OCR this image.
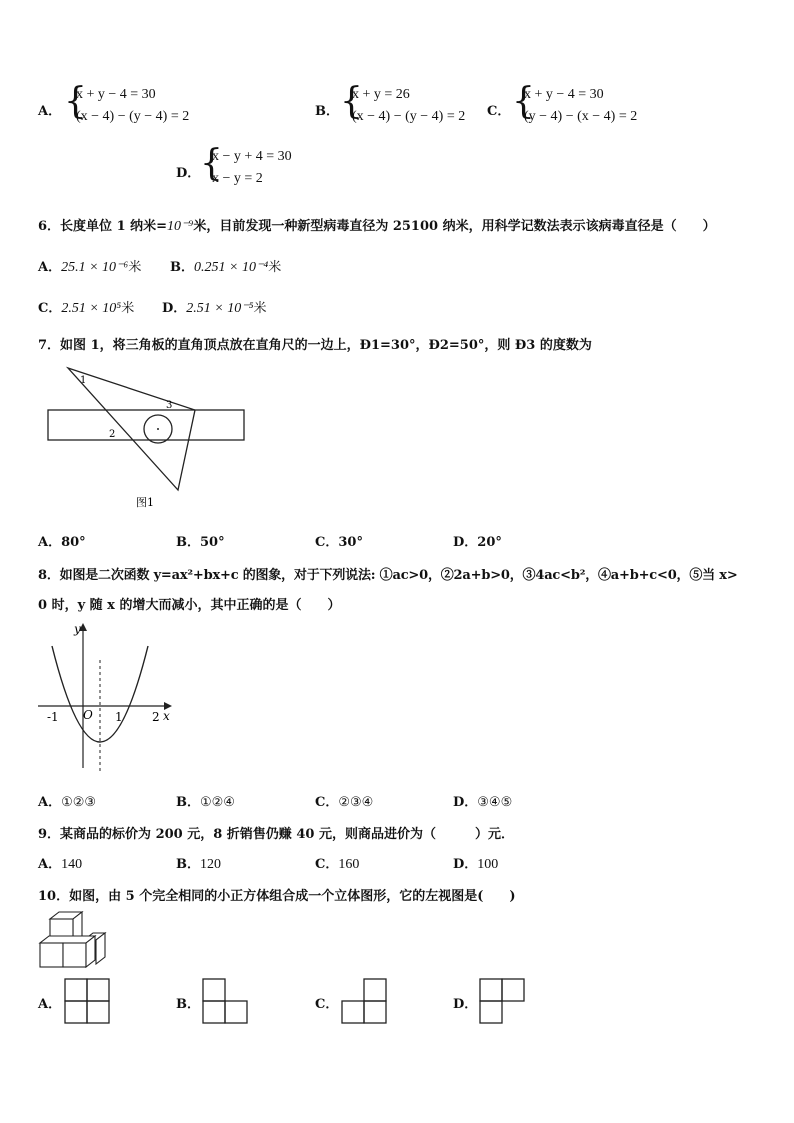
A． {
x + y − 4 = 30
(x − 4) − (y − 4) = 2	B． {
x + y = 26
(x − 4) − (y − 4) = 2 C． {
x + y − 4 = 30
(y − 4) − (x − 4) = 2
D． {
x − y + 4 = 30
x − y = 2
6．长度单位 1 纳米=10⁻⁹米，目前发现一种新型病毒直径为 25100 纳米，用科学记数法表示该病毒直径是（　　）
A．25.1 × 10⁻⁶米 B．0.251 × 10⁻⁴米
C．2.51 × 10⁵米 D．2.51 × 10⁻⁵米
7．如图 1，将三角板的直角顶点放在直角尺的一边上，Ð1=30°，Ð2=50°，则 Ð3 的度数为
1
2
3
图1
A．80°	B．50°	C．30°	D．20°
8．如图是二次函数 y=ax²+bx+c 的图象，对于下列说法: ①ac>0，②2a+b>0，③4ac<b²，④a+b+c<0，⑤当 x>
0 时，y 随 x 的增大而减小，其中正确的是（　　）
y
x
O
-1	1 2
A．①②③	B．①②④	C．②③④	D．③④⑤
9．某商品的标价为 200 元，8 折销售仍赚 40 元，则商品进价为（　　　）元．
A．140	B．120	C．160	D．100
10．如图，由 5 个完全相同的小正方体组合成一个立体图形，它的左视图是(　　)
A．	B．	C．	D．
